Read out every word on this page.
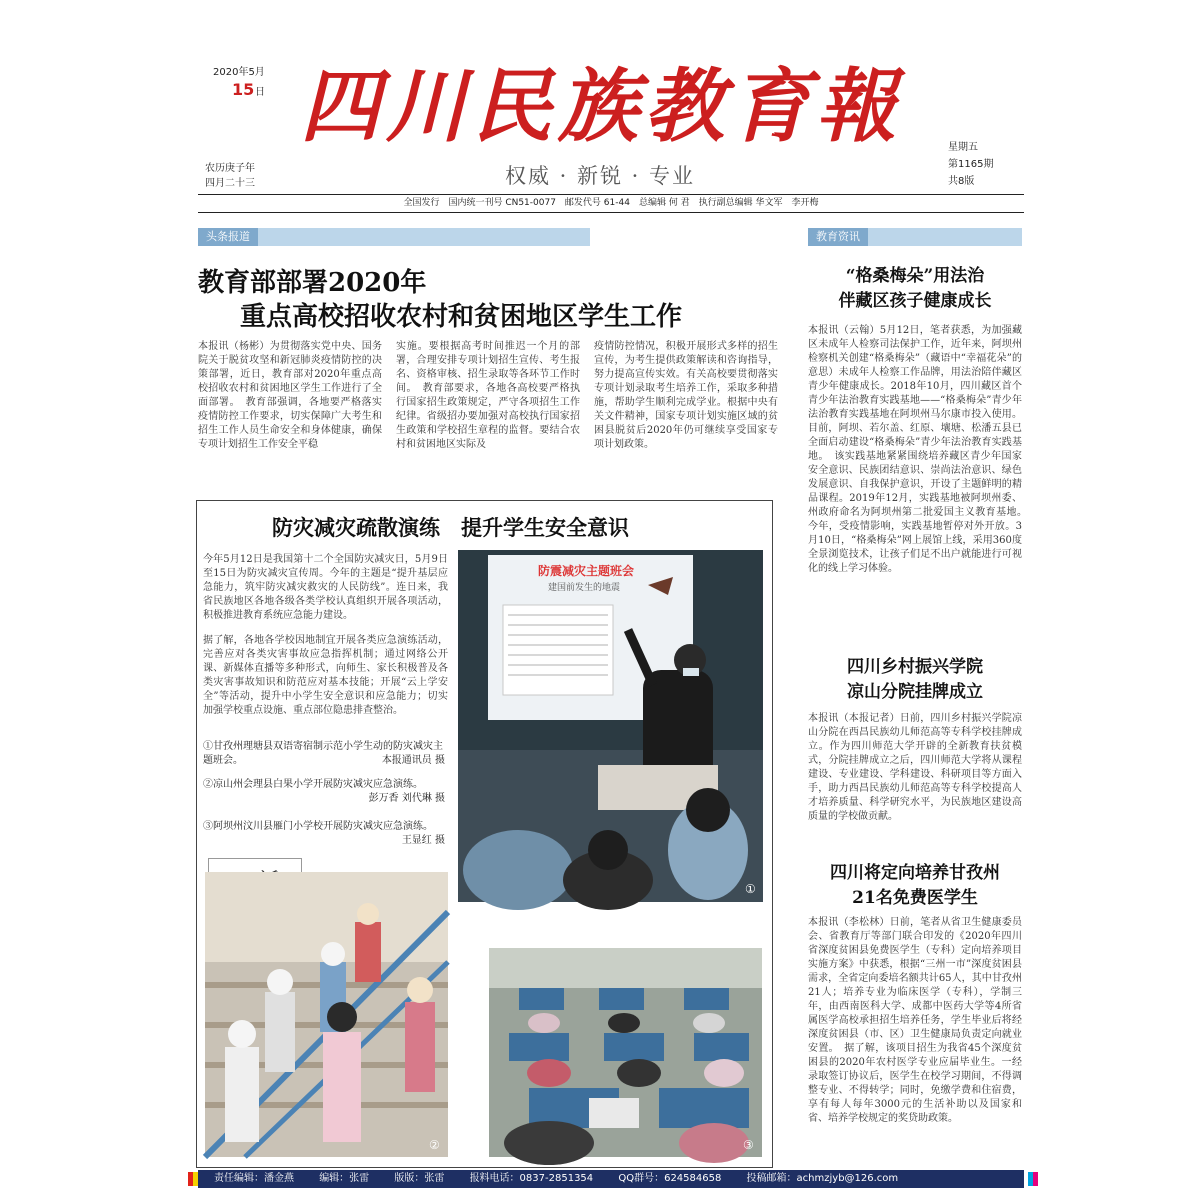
2020年5月
15 日 四川民族教育報
权威 · 新锐 · 专业
农历庚子年
四月二十三
星期五
第1165期
共8版
全国发行　国内统一刊号 CN51-0077　邮发代号 61-44　总编辑 何 君　执行副总编辑 华文军　李开梅
头条报道
教育部部署2020年
重点高校招收农村和贫困地区学生工作
本报讯（杨彬）为贯彻落实党中央、国务院关于脱贫攻坚和新冠肺炎疫情防控的决策部署，近日，教育部对2020年重点高校招收农村和贫困地区学生工作进行了全面部署。　教育部强调，各地要严格落实疫情防控工作要求，切实保障广大考生和招生工作人员生命安全和身体健康，确保专项计划招生工作安全平稳
实施。要根据高考时间推迟一个月的部署，合理安排专项计划招生宣传、考生报名、资格审核、招生录取等各环节工作时间。　教育部要求，各地各高校要严格执行国家招生政策规定，严守各项招生工作纪律。省级招办要加强对高校执行国家招生政策和学校招生章程的监督。要结合农村和贫困地区实际及
疫情防控情况，积极开展形式多样的招生宣传，为考生提供政策解读和咨询指导，努力提高宣传实效。有关高校要贯彻落实专项计划录取考生培养工作，采取多种措施，帮助学生顺利完成学业。根据中央有关文件精神，国家专项计划实施区域的贫困县脱贫后2020年仍可继续享受国家专项计划政策。
防灾减灾疏散演练　提升学生安全意识
今年5月12日是我国第十二个全国防灾减灾日，5月9日至15日为防灾减灾宣传周。今年的主题是“提升基层应急能力，筑牢防灾减灾救灾的人民防线”。连日来，我省民族地区各地各级各类学校认真组织开展各项活动，积极推进教育系统应急能力建设。
据了解，各地各学校因地制宜开展各类应急演练活动，完善应对各类灾害事故应急指挥机制；通过网络公开课、新媒体直播等多种形式，向师生、家长积极普及各类灾害事故知识和防范应对基本技能；开展“云上学安全”等活动，提升中小学生安全意识和应急能力；切实加强学校重点设施、重点部位隐患排查整治。
①甘孜州理塘县双语寄宿制示范小学生动的防灾减灾主题班会。	本报通讯员 摄
②凉山州会理县白果小学开展防灾减灾应急演练。
彭万香 刘代琳 摄
③阿坝州汶川县雁门小学校开展防灾减灾应急演练。
王显红 摄
防震减灾主题班会
建国前发生的地震
①
②	③
教育资讯
“格桑梅朵”用法治
伴藏区孩子健康成长
本报讯（云翰）5月12日，笔者获悉，为加强藏区未成年人检察司法保护工作，近年来，阿坝州检察机关创建“格桑梅朵”（藏语中“幸福花朵”的意思）未成年人检察工作品牌，用法治陪伴藏区青少年健康成长。2018年10月，四川藏区首个青少年法治教育实践基地——“格桑梅朵”青少年法治教育实践基地在阿坝州马尔康市投入使用。目前，阿坝、若尔盖、红原、壤塘、松潘五县已全面启动建设“格桑梅朵”青少年法治教育实践基地。　该实践基地紧紧围绕培养藏区青少年国家安全意识、民族团结意识、崇尚法治意识、绿色发展意识、自我保护意识，开设了主题鲜明的精品课程。2019年12月，实践基地被阿坝州委、州政府命名为阿坝州第二批爱国主义教育基地。　今年，受疫情影响，实践基地暂停对外开放。3月10日，“格桑梅朵”网上展馆上线，采用360度全景浏览技术，让孩子们足不出户就能进行可视化的线上学习体验。
四川乡村振兴学院
凉山分院挂牌成立
本报讯（本报记者）日前，四川乡村振兴学院凉山分院在西昌民族幼儿师范高等专科学校挂牌成立。作为四川师范大学开辟的全新教育扶贫模式，分院挂牌成立之后，四川师范大学将从课程建设、专业建设、学科建设、科研项目等方面入手，助力西昌民族幼儿师范高等专科学校提高人才培养质量、科学研究水平，为民族地区建设高质量的学校做贡献。
四川将定向培养甘孜州
21名免费医学生
本报讯（李松林）日前，笔者从省卫生健康委员会、省教育厅等部门联合印发的《2020年四川省深度贫困县免费医学生（专科）定向培养项目实施方案》中获悉，根据“三州一市”深度贫困县需求，全省定向委培名额共计65人，其中甘孜州21人；培养专业为临床医学（专科），学制三年，由西南医科大学、成都中医药大学等4所省属医学高校承担招生培养任务，学生毕业后将经深度贫困县（市、区）卫生健康局负责定向就业安置。　据了解，该项目招生为我省45个深度贫困县的2020年农村医学专业应届毕业生。一经录取签订协议后，医学生在校学习期间，不得调整专业、不得转学；同时，免缴学费和住宿费，享有每人每年3000元的生活补助以及国家和省、培养学校规定的奖贷助政策。
责任编辑：潘金燕	编辑：张雷	版版：张雷	报料电话：0837-2851354	QQ群号：624584658	投稿邮箱：achmzjyb@126.com
